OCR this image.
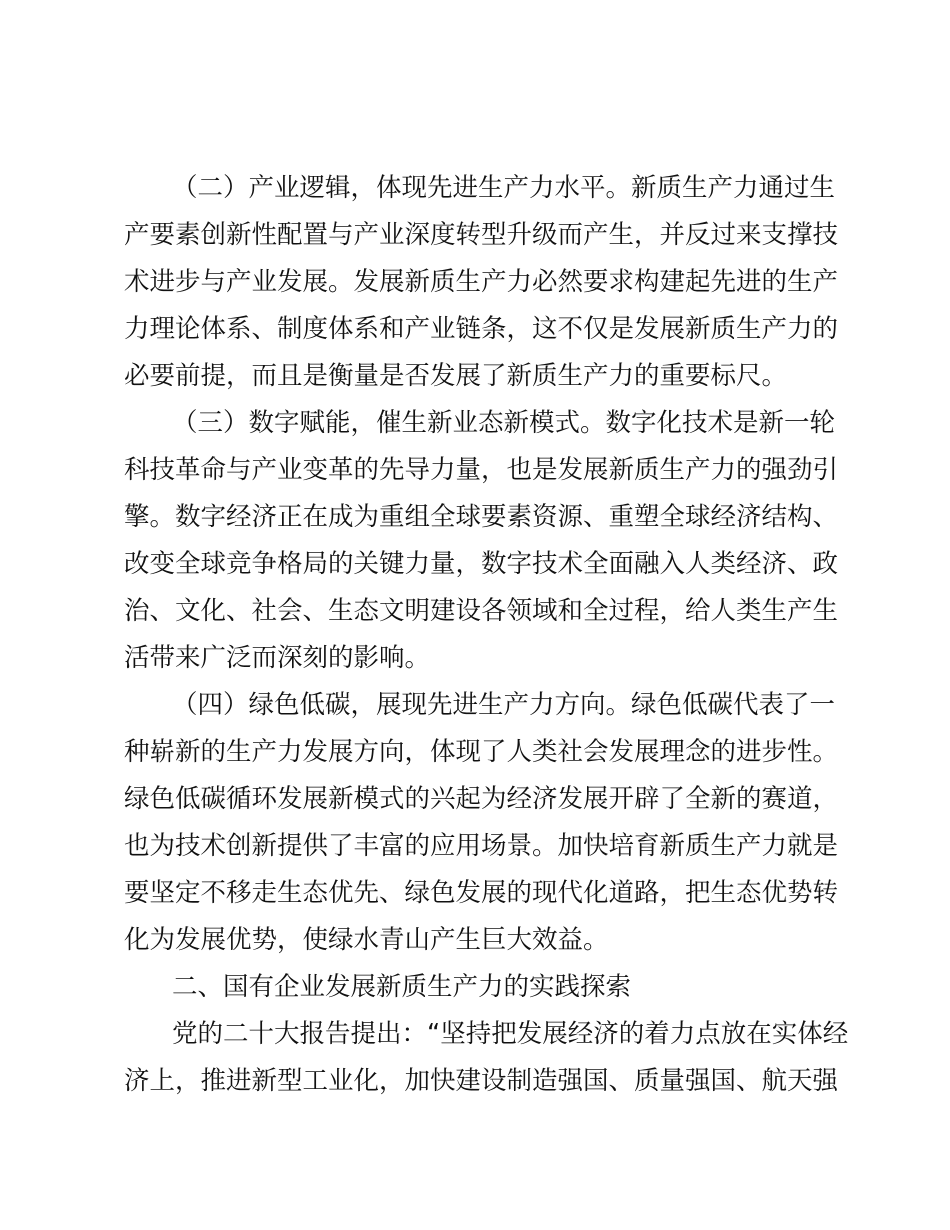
（二）产业逻辑，体现先进生产力水平。新质生产力通过生
产要素创新性配置与产业深度转型升级而产生，并反过来支撑技
术进步与产业发展。发展新质生产力必然要求构建起先进的生产
力理论体系、制度体系和产业链条，这不仅是发展新质生产力的
必要前提，而且是衡量是否发展了新质生产力的重要标尺。
（三）数字赋能，催生新业态新模式。数字化技术是新一轮
科技革命与产业变革的先导力量，也是发展新质生产力的强劲引
擎。数字经济正在成为重组全球要素资源、重塑全球经济结构、
改变全球竞争格局的关键力量，数字技术全面融入人类经济、政
治、文化、社会、生态文明建设各领域和全过程，给人类生产生
活带来广泛而深刻的影响。
（四）绿色低碳，展现先进生产力方向。绿色低碳代表了一
种崭新的生产力发展方向，体现了人类社会发展理念的进步性。
绿色低碳循环发展新模式的兴起为经济发展开辟了全新的赛道，
也为技术创新提供了丰富的应用场景。加快培育新质生产力就是
要坚定不移走生态优先、绿色发展的现代化道路，把生态优势转
化为发展优势，使绿水青山产生巨大效益。
二、国有企业发展新质生产力的实践探索
党的二十大报告提出：“坚持把发展经济的着力点放在实体经
济上，推进新型工业化，加快建设制造强国、质量强国、航天强
